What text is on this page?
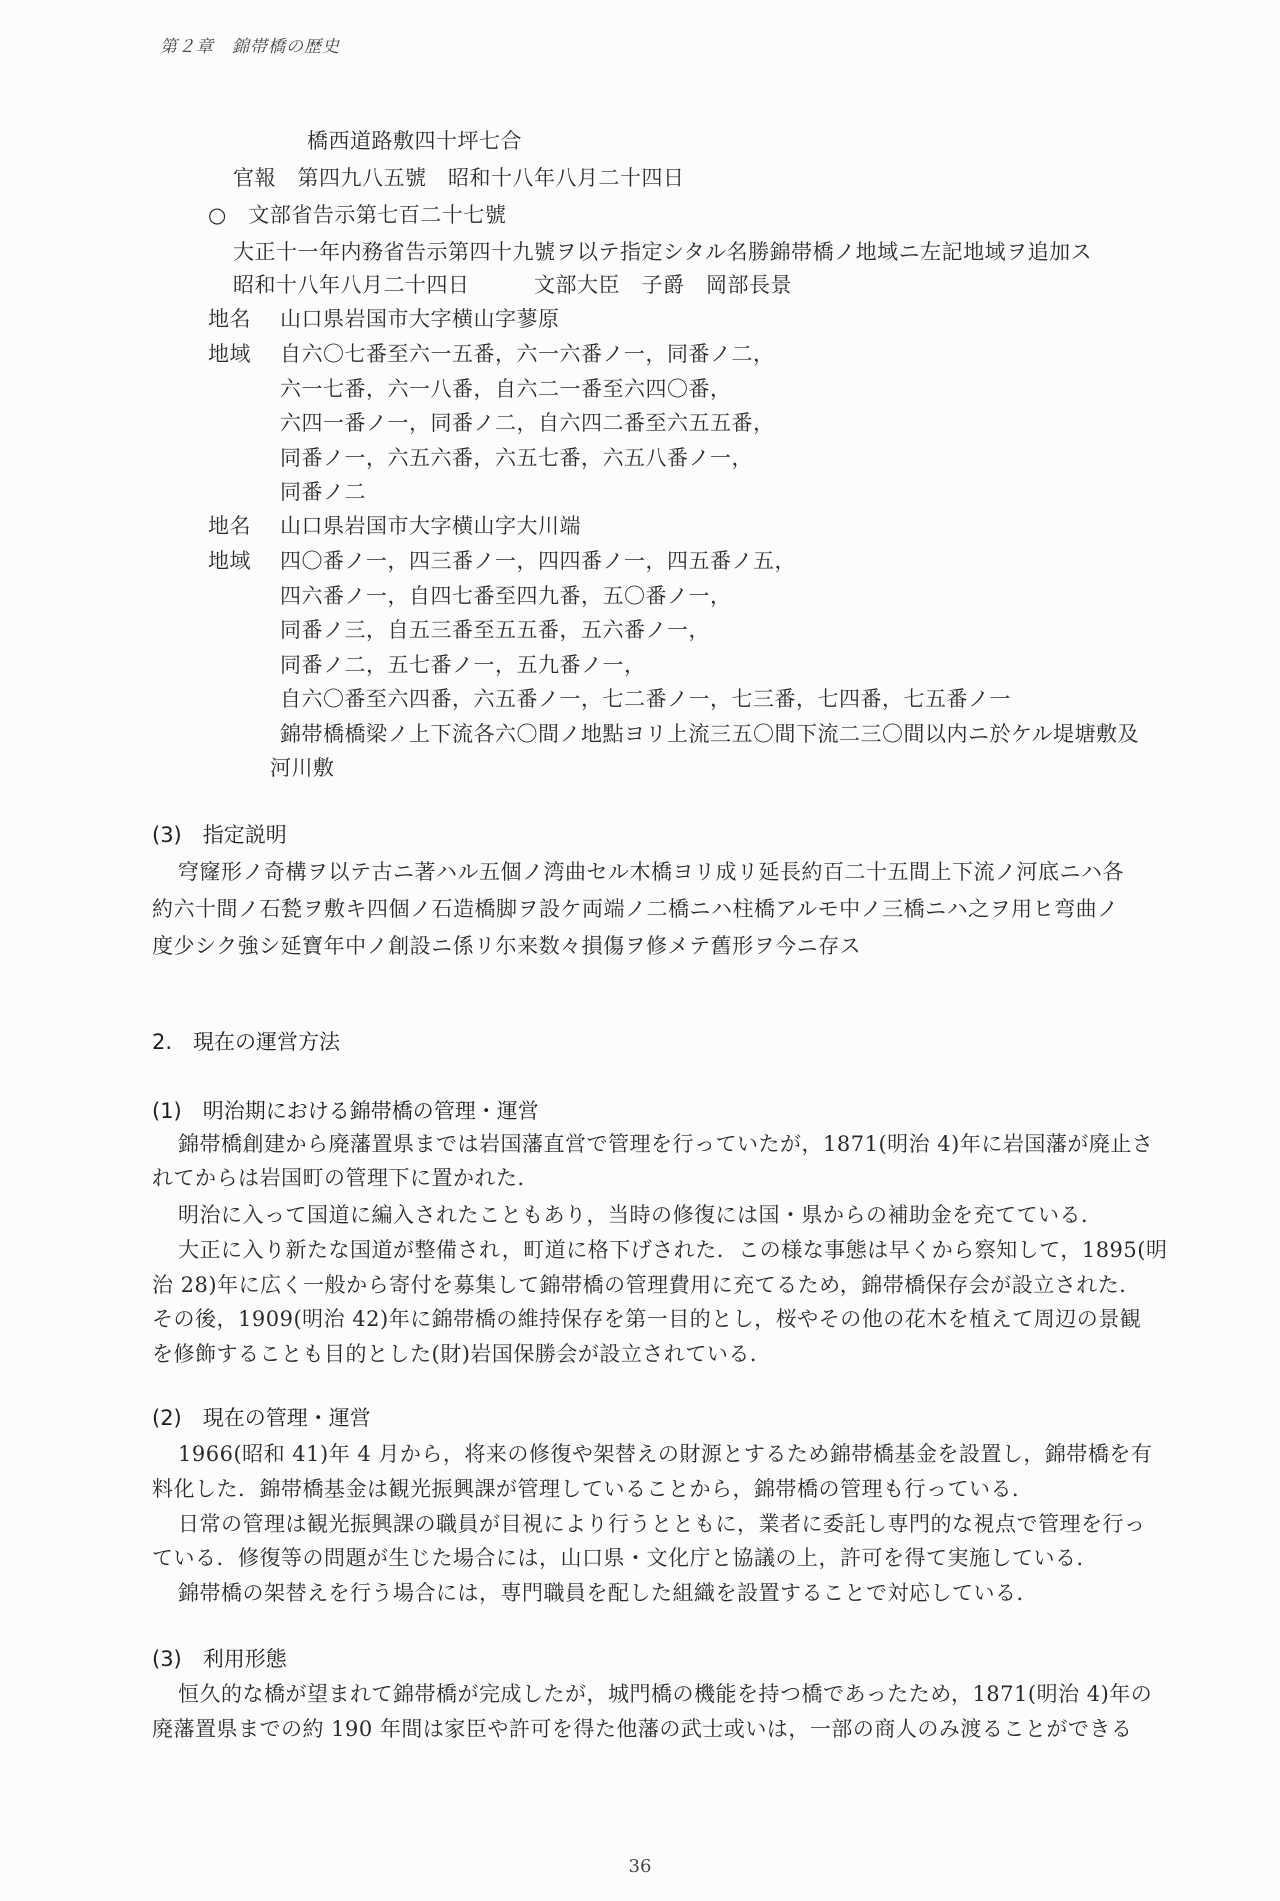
第２章　錦帯橋の歴史
橋西道路敷四十坪七合
官報　第四九八五號　昭和十八年八月二十四日
○　文部省告示第七百二十七號
大正十一年内務省告示第四十九號ヲ以テ指定シタル名勝錦帯橋ノ地域ニ左記地域ヲ追加ス
昭和十八年八月二十四日　　　文部大臣　子爵　岡部長景
地名 山口県岩国市大字横山字蓼原
地域 自六〇七番至六一五番，六一六番ノ一，同番ノ二，
六一七番，六一八番，自六二一番至六四〇番，
六四一番ノ一，同番ノ二，自六四二番至六五五番，
同番ノ一，六五六番，六五七番，六五八番ノ一，
同番ノ二
地名 山口県岩国市大字横山字大川端
地域 四〇番ノ一，四三番ノ一，四四番ノ一，四五番ノ五，
四六番ノ一，自四七番至四九番，五〇番ノ一，
同番ノ三，自五三番至五五番，五六番ノ一，
同番ノ二，五七番ノ一，五九番ノ一，
自六〇番至六四番，六五番ノ一，七二番ノ一，七三番，七四番，七五番ノ一
錦帯橋橋梁ノ上下流各六〇間ノ地點ヨリ上流三五〇間下流二三〇間以内ニ於ケル堤塘敷及
河川敷
(3)　指定説明
穹窿形ノ奇構ヲ以テ古ニ著ハル五個ノ湾曲セル木橋ヨリ成リ延長約百二十五間上下流ノ河底ニハ各
約六十間ノ石甃ヲ敷キ四個ノ石造橋脚ヲ設ケ両端ノ二橋ニハ柱橋アルモ中ノ三橋ニハ之ヲ用ヒ弯曲ノ
度少シク強シ延寶年中ノ創設ニ係リ尓来数々損傷ヲ修メテ舊形ヲ今ニ存ス
2.　現在の運営方法
(1)　明治期における錦帯橋の管理・運営
錦帯橋創建から廃藩置県までは岩国藩直営で管理を行っていたが，1871(明治 4)年に岩国藩が廃止さ
れてからは岩国町の管理下に置かれた．
明治に入って国道に編入されたこともあり，当時の修復には国・県からの補助金を充てている．
大正に入り新たな国道が整備され，町道に格下げされた．この様な事態は早くから察知して，1895(明
治 28)年に広く一般から寄付を募集して錦帯橋の管理費用に充てるため，錦帯橋保存会が設立された．
その後，1909(明治 42)年に錦帯橋の維持保存を第一目的とし，桜やその他の花木を植えて周辺の景観
を修飾することも目的とした(財)岩国保勝会が設立されている．
(2)　現在の管理・運営
1966(昭和 41)年 4 月から，将来の修復や架替えの財源とするため錦帯橋基金を設置し，錦帯橋を有
料化した．錦帯橋基金は観光振興課が管理していることから，錦帯橋の管理も行っている．
日常の管理は観光振興課の職員が目視により行うとともに，業者に委託し専門的な視点で管理を行っ
ている．修復等の問題が生じた場合には，山口県・文化庁と協議の上，許可を得て実施している．
錦帯橋の架替えを行う場合には，専門職員を配した組織を設置することで対応している．
(3)　利用形態
恒久的な橋が望まれて錦帯橋が完成したが，城門橋の機能を持つ橋であったため，1871(明治 4)年の
廃藩置県までの約 190 年間は家臣や許可を得た他藩の武士或いは，一部の商人のみ渡ることができる
36
